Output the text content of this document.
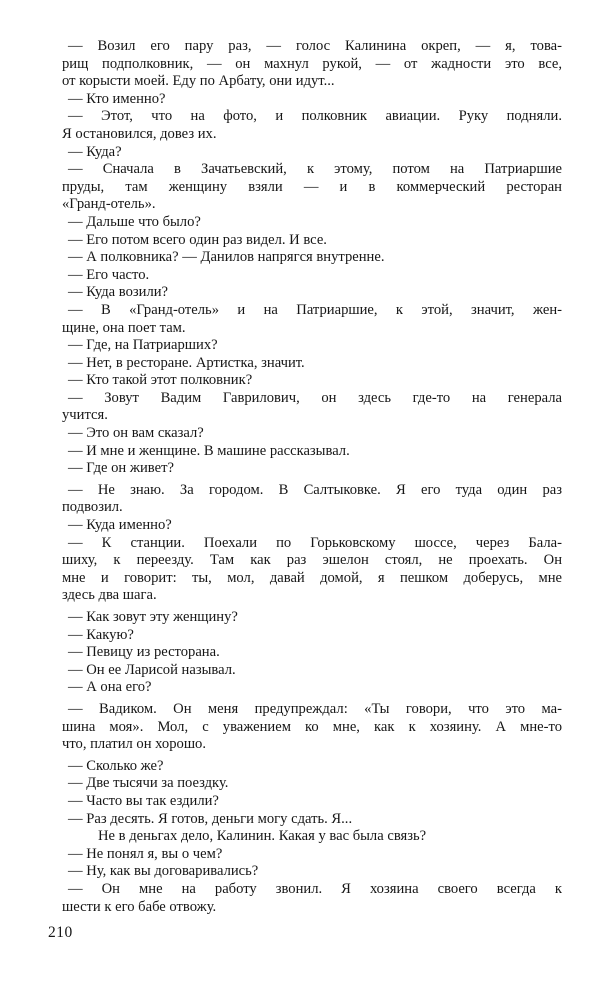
— Возил его пару раз, — голос Калинина окреп, — я, това-
рищ подполковник, — он махнул рукой, — от жадности это все,
от корысти моей. Еду по Арбату, они идут...
— Кто именно?
— Этот, что на фото, и полковник авиации. Руку подняли.
Я остановился, довез их.
— Куда?
— Сначала в Зачатьевский, к этому, потом на Патриаршие
пруды, там женщину взяли — и в коммерческий ресторан
«Гранд-отель».
— Дальше что было?
— Его потом всего один раз видел. И все.
— А полковника? — Данилов напрягся внутренне.
— Его часто.
— Куда возили?
— В «Гранд-отель» и на Патриаршие, к этой, значит, жен-
щине, она поет там.
— Где, на Патриарших?
— Нет, в ресторане. Артистка, значит.
— Кто такой этот полковник?
— Зовут Вадим Гаврилович, он здесь где-то на генерала
учится.
— Это он вам сказал?
— И мне и женщине. В машине рассказывал.
— Где он живет?
— Не знаю. За городом. В Салтыковке. Я его туда один раз
подвозил.
— Куда именно?
— К станции. Поехали по Горьковскому шоссе, через Бала-
шиху, к переезду. Там как раз эшелон стоял, не проехать. Он
мне и говорит: ты, мол, давай домой, я пешком доберусь, мне
здесь два шага.
— Как зовут эту женщину?
— Какую?
— Певицу из ресторана.
— Он ее Ларисой называл.
— А она его?
— Вадиком. Он меня предупреждал: «Ты говори, что это ма-
шина моя». Мол, с уважением ко мне, как к хозяину. А мне-то
что, платил он хорошо.
— Сколько же?
— Две тысячи за поездку.
— Часто вы так ездили?
— Раз десять. Я готов, деньги могу сдать. Я...
Не в деньгах дело, Калинин. Какая у вас была связь?
— Не понял я, вы о чем?
— Ну, как вы договаривались?
— Он мне на работу звонил. Я хозяина своего всегда к
шести к его бабе отвожу.
210
